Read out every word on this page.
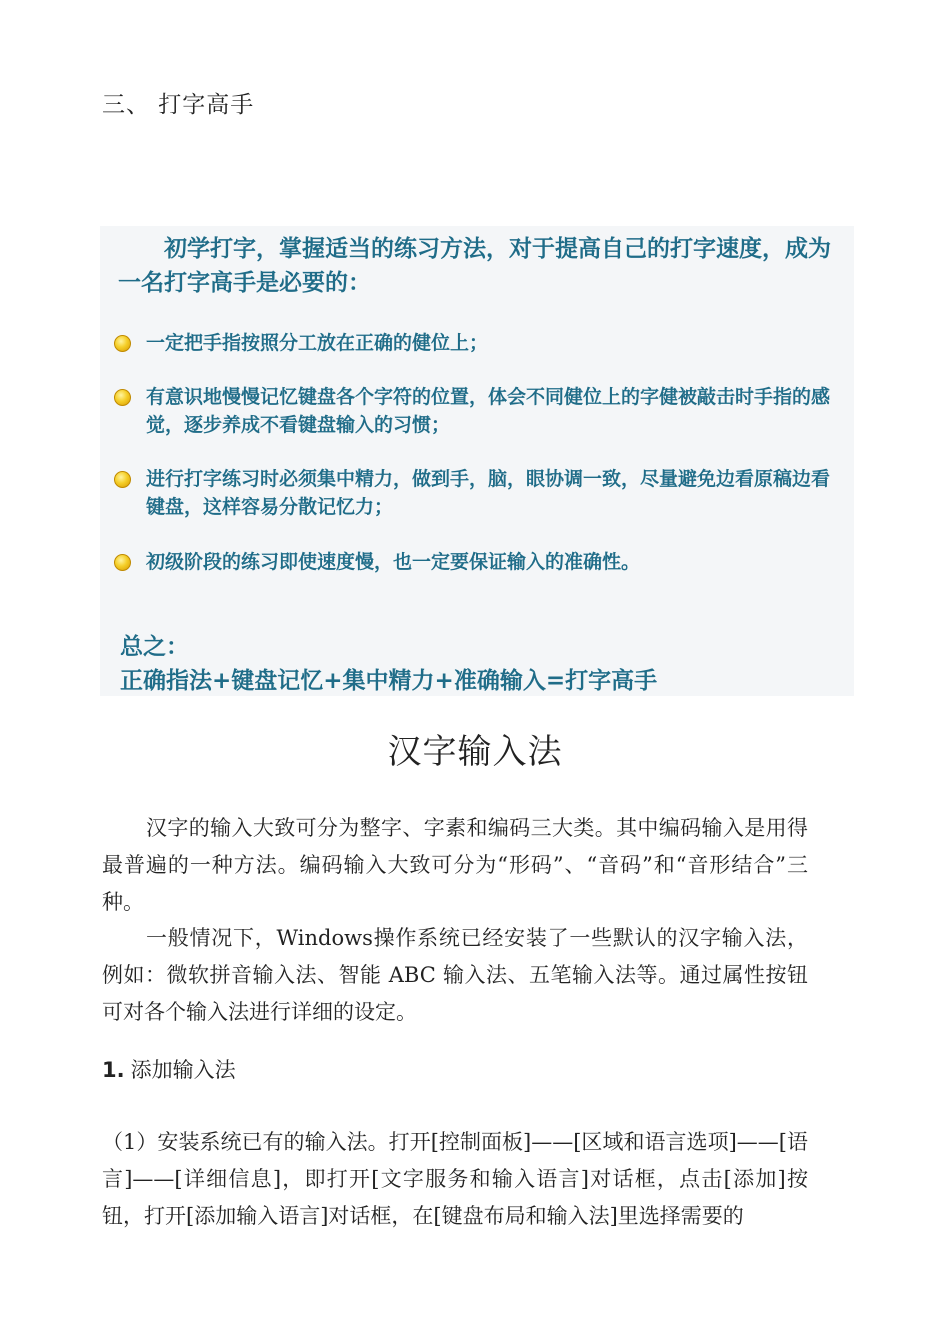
三、 打字高手
初学打字，掌握适当的练习方法，对于提高自己的打字速度，成为一名打字高手是必要的：
一定把手指按照分工放在正确的健位上；
有意识地慢慢记忆键盘各个字符的位置，体会不同健位上的字健被敲击时手指的感觉，逐步养成不看键盘输入的习惯；
进行打字练习时必须集中精力，做到手，脑，眼协调一致，尽量避免边看原稿边看键盘，这样容易分散记忆力；
初级阶段的练习即使速度慢，也一定要保证输入的准确性。
总之：
正确指法+键盘记忆+集中精力+准确输入=打字高手
汉字输入法
汉字的输入大致可分为整字、字素和编码三大类。其中编码输入是用得最普遍的一种方法。编码输入大致可分为“形码”、“音码”和“音形结合”三种。
一般情况下，Windows操作系统已经安装了一些默认的汉字输入法，例如：微软拼音输入法、智能 ABC 输入法、五笔输入法等。通过属性按钮可对各个输入法进行详细的设定。
1. 添加输入法
（1）安装系统已有的输入法。打开[控制面板]——[区域和语言选项]——[语言]——[详细信息]，即打开[文字服务和输入语言]对话框，点击[添加]按钮，打开[添加输入语言]对话框，在[键盘布局和输入法]里选择需要的
